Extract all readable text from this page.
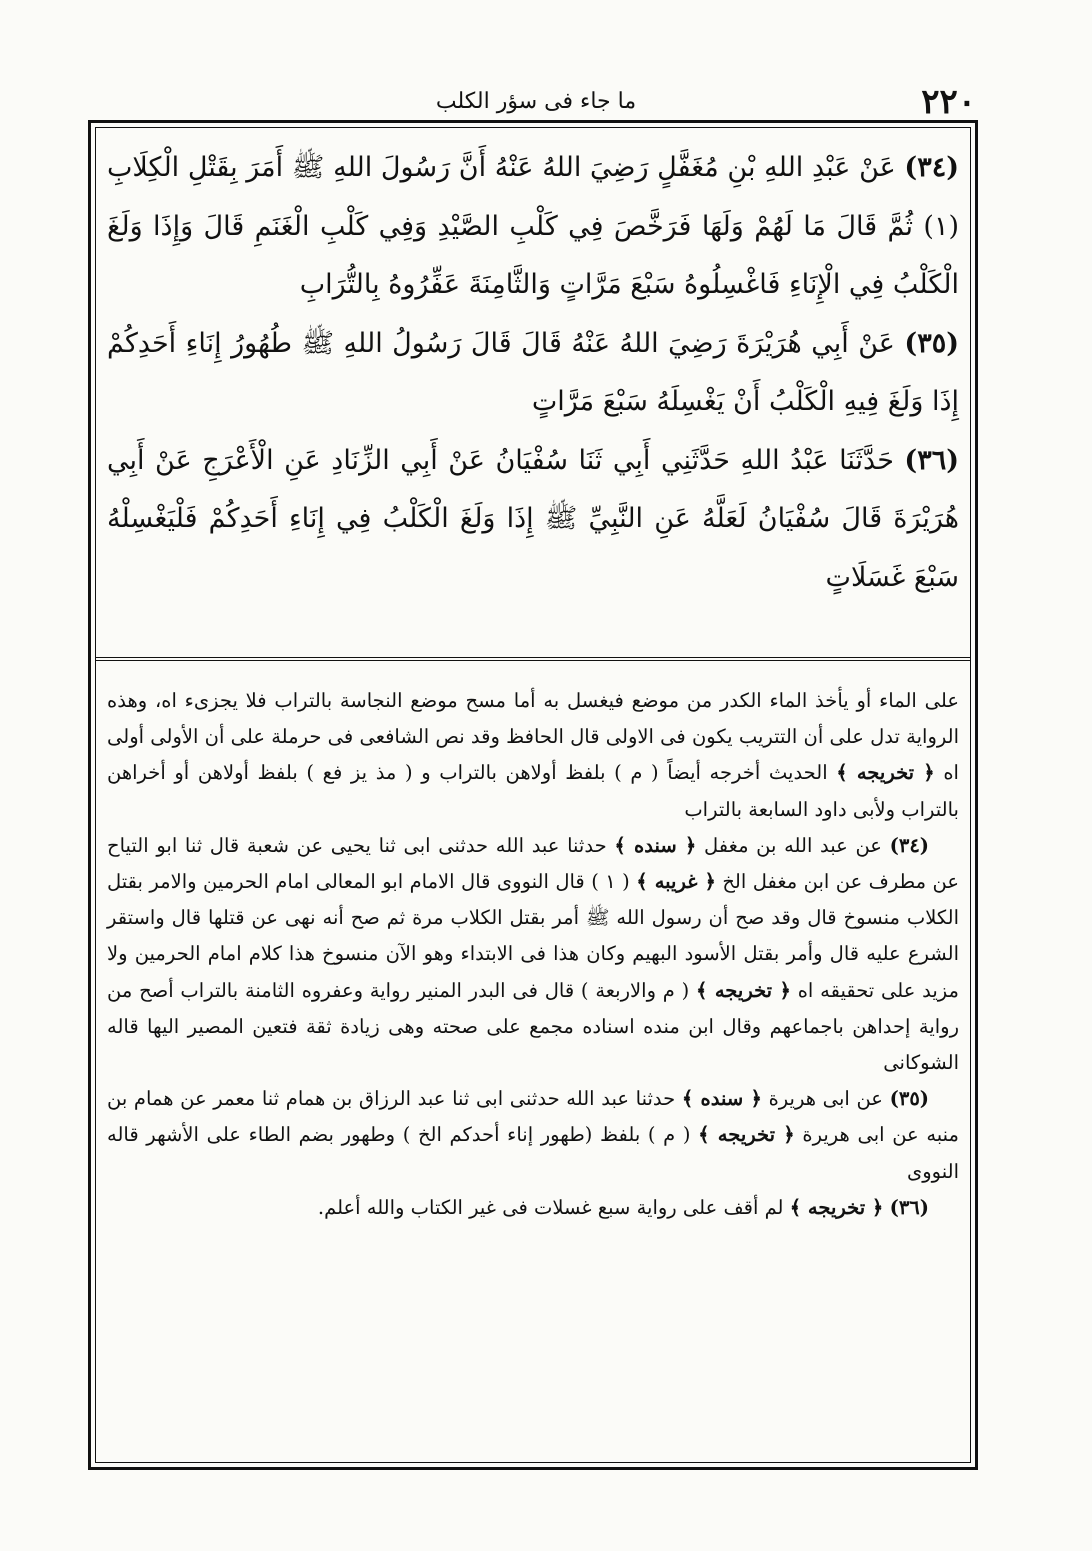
٢٢٠
ما جاء فى سؤر الكلب

(٣٤) عَنْ عَبْدِ اللهِ بْنِ مُغَفَّلٍ رَضِيَ اللهُ عَنْهُ أَنَّ رَسُولَ اللهِ ﷺ أَمَرَ بِقَتْلِ الْكِلَابِ (١) ثُمَّ قَالَ مَا لَهُمْ وَلَهَا فَرَخَّصَ فِي كَلْبِ الصَّيْدِ وَفِي كَلْبِ الْغَنَمِ قَالَ وَإِذَا وَلَغَ الْكَلْبُ فِي الْإِنَاءِ فَاغْسِلُوهُ سَبْعَ مَرَّاتٍ وَالثَّامِنَةَ عَفِّرُوهُ بِالتُّرَابِ

(٣٥) عَنْ أَبِي هُرَيْرَةَ رَضِيَ اللهُ عَنْهُ قَالَ قَالَ رَسُولُ اللهِ ﷺ طُهُورُ إِنَاءِ أَحَدِكُمْ إِذَا وَلَغَ فِيهِ الْكَلْبُ أَنْ يَغْسِلَهُ سَبْعَ مَرَّاتٍ

(٣٦) حَدَّثَنَا عَبْدُ اللهِ حَدَّثَنِي أَبِي ثَنَا سُفْيَانُ عَنْ أَبِي الزِّنَادِ عَنِ الْأَعْرَجِ عَنْ أَبِي هُرَيْرَةَ قَالَ سُفْيَانُ لَعَلَّهُ عَنِ النَّبِيِّ ﷺ إِذَا وَلَغَ الْكَلْبُ فِي إِنَاءِ أَحَدِكُمْ فَلْيَغْسِلْهُ سَبْعَ غَسَلَاتٍ

على الماء أو يأخذ الماء الكدر من موضع فيغسل به أما مسح موضع النجاسة بالتراب فلا يجزىء اه، وهذه الرواية تدل على أن التتريب يكون فى الاولى قال الحافظ وقد نص الشافعى فى حرملة على أن الأولى أولى اه ﴿ تخريجه ﴾ الحديث أخرجه أيضاً ( م ) بلفظ أولاهن بالتراب و ( مذ يز فع ) بلفظ أولاهن أو أخراهن بالتراب ولأبى داود السابعة بالتراب

(٣٤) عن عبد الله بن مغفل ﴿ سنده ﴾ حدثنا عبد الله حدثنى ابى ثنا يحيى عن شعبة قال ثنا ابو التياح عن مطرف عن ابن مغفل الخ ﴿ غريبه ﴾ ( ١ ) قال النووى قال الامام ابو المعالى امام الحرمين والامر بقتل الكلاب منسوخ قال وقد صح أن رسول الله ﷺ أمر بقتل الكلاب مرة ثم صح أنه نهى عن قتلها قال واستقر الشرع عليه قال وأمر بقتل الأسود البهيم وكان هذا فى الابتداء وهو الآن منسوخ هذا كلام امام الحرمين ولا مزيد على تحقيقه اه ﴿ تخريجه ﴾ ( م والاربعة ) قال فى البدر المنير رواية وعفروه الثامنة بالتراب أصح من رواية إحداهن باجماعهم وقال ابن منده اسناده مجمع على صحته وهى زيادة ثقة فتعين المصير اليها قاله الشوكانى

(٣٥) عن ابى هريرة ﴿ سنده ﴾ حدثنا عبد الله حدثنى ابى ثنا عبد الرزاق بن همام ثنا معمر عن همام بن منبه عن ابى هريرة ﴿ تخريجه ﴾ ( م ) بلفظ (طهور إناء أحدكم الخ ) وطهور بضم الطاء على الأشهر قاله النووى

(٣٦) ﴿ تخريجه ﴾ لم أقف على رواية سبع غسلات فى غير الكتاب والله أعلم.
